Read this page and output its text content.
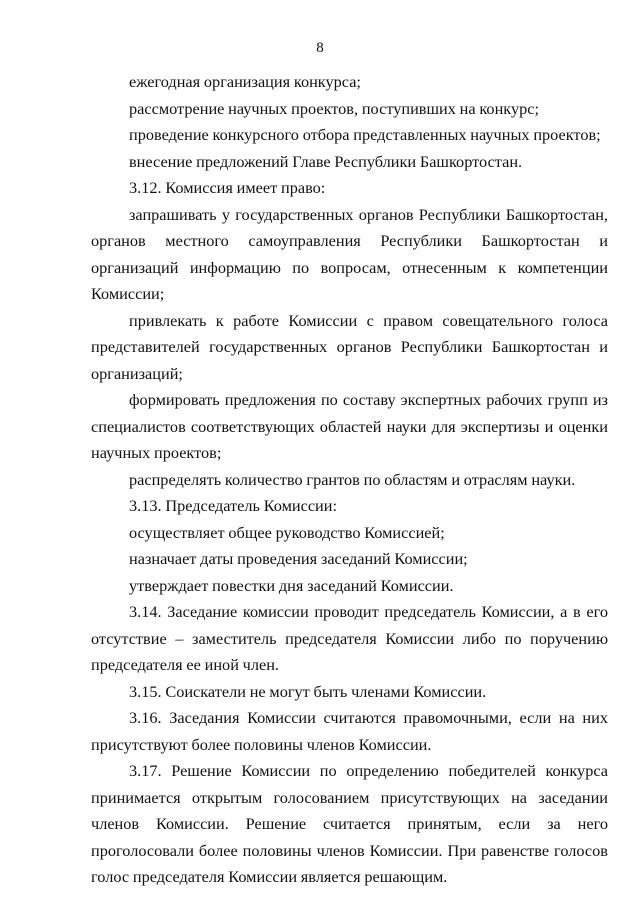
8

ежегодная организация конкурса;

рассмотрение научных проектов, поступивших на конкурс;

проведение конкурсного отбора представленных научных проектов;

внесение предложений Главе Республики Башкортостан.

3.12. Комиссия имеет право:

запрашивать у государственных органов Республики Башкортостан, органов местного самоуправления Республики Башкортостан и организаций информацию по вопросам, отнесенным к компетенции Комиссии;

привлекать к работе Комиссии с правом совещательного голоса представителей государственных органов Республики Башкортостан и организаций;

формировать предложения по составу экспертных рабочих групп из специалистов соответствующих областей науки для экспертизы и оценки научных проектов;

распределять количество грантов по областям и отраслям науки.

3.13. Председатель Комиссии:

осуществляет общее руководство Комиссией;

назначает даты проведения заседаний Комиссии;

утверждает повестки дня заседаний Комиссии.

3.14. Заседание комиссии проводит председатель Комиссии, а в его отсутствие – заместитель председателя Комиссии либо по поручению председателя ее иной член.

3.15. Соискатели не могут быть членами Комиссии.

3.16. Заседания Комиссии считаются правомочными, если на них присутствуют более половины членов Комиссии.

3.17. Решение Комиссии по определению победителей конкурса принимается открытым голосованием присутствующих на заседании членов Комиссии. Решение считается принятым, если за него проголосовали более половины членов Комиссии. При равенстве голосов голос председателя Комиссии является решающим.
